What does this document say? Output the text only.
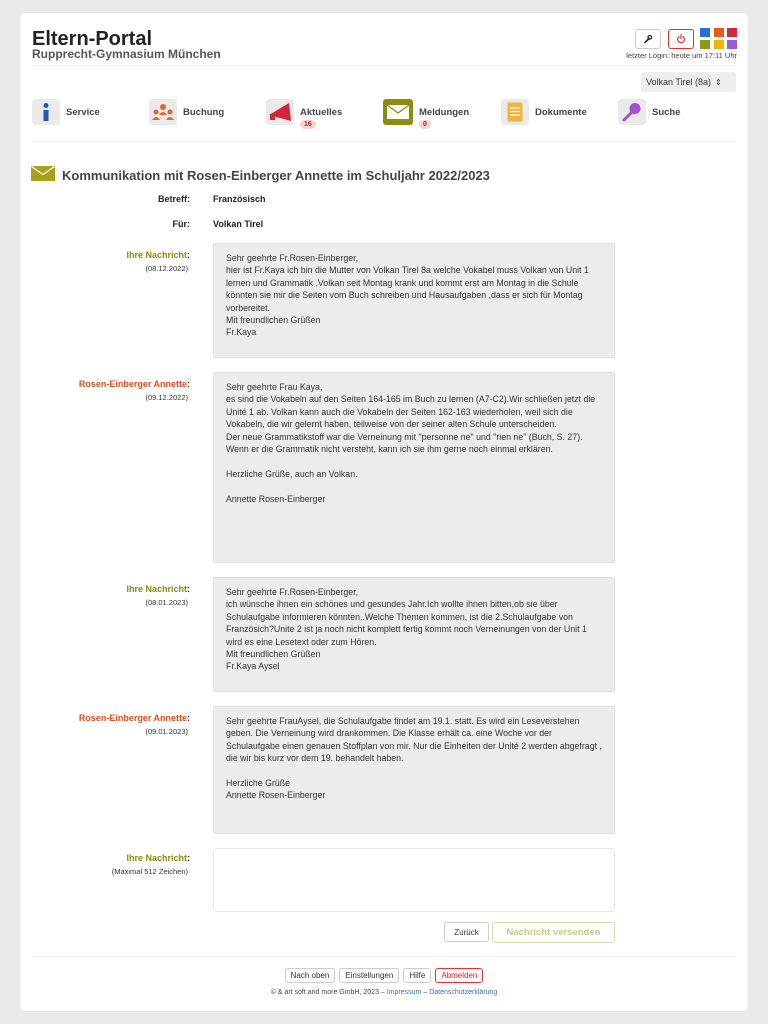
Eltern-Portal
Rupprecht-Gymnasium München	letzter Login: heute um 17:11 Uhr
Volkan Tirel (8a) ⇕
Service	Buchung	Aktuelles
16
Meldungen
0
Dokumente	Suche
Kommunikation mit Rosen-Einberger Annette im Schuljahr 2022/2023
Betreff:	Französisch
Für:	Volkan Tirel
Ihre Nachricht:
(08.12.2022)
Sehr geehrte Fr.Rosen-Einberger,
hier ist Fr.Kaya ich bin die Mutter von Volkan Tirel 8a welche Vokabel muss Volkan von Unit 1 lernen und Grammatik .Volkan seit Montag krank und kommt erst am Montag in die Schule könnten sie mir die Seiten vom Buch schreiben und Hausaufgaben ,dass er sich für Montag vorbereitet.
Mit freundlichen Grüßen
Fr.Kaya
Rosen-Einberger Annette:
(09.12.2022)
Sehr geehrte Frau Kaya,
es sind die Vokabeln auf den Seiten 164-165 im Buch zu lernen (A7-C2).Wir schließen jetzt die Unité 1 ab. Volkan kann auch die Vokabeln der Seiten 162-163 wiederholen, weil sich die Vokabeln, die wir gelernt haben, teilweise von der seiner alten Schule unterscheiden.
Der neue Grammatikstoff war die Verneinung mit "personne ne" und "rien ne" (Buch, S. 27).
Wenn er die Grammatik nicht versteht, kann ich sie ihm gerne noch einmal erklären.

Herzliche Grüße, auch an Volkan.

Annette Rosen-Einberger
Ihre Nachricht:
(08.01.2023)
Sehr geehrte Fr.Rosen-Einberger,
ich wünsche ihnen ein schönes und gesundes Jahr.Ich wollte ihnen bitten,ob sie über Schulaufgabe informieren könnten..Welche Themen kommen, ist die 2.Schulaufgabe von Französich?Unite 2 ist ja noch nicht komplett fertig kommt noch Verneinungen von der Unit 1 wird es eine Lesetext oder zum Hören.
Mit freundlichen Grüßen
Fr.Kaya Aysel
Rosen-Einberger Annette:
(09.01.2023)
Sehr geehrte FrauAysel, die Schulaufgabe findet am 19.1. statt. Es wird ein Leseverstehen geben. Die Verneinung wird drankommen. Die Klasse erhält ca. eine Woche vor der Schulaufgabe einen genauen Stoffplan von mir. Nur die Einheiten der Unité 2 werden abgefragt , die wir bis kurz vor dem 19. behandelt haben.

Herzliche Grüße
Annette Rosen-Einberger
Ihre Nachricht:
(Maximal 512 Zeichen)
Zurück	Nachricht versenden
Nach oben	Einstellungen	Hilfe	Abmelden
© & art soft and more GmbH, 2023 – Impressum – Datenschutzerklärung
